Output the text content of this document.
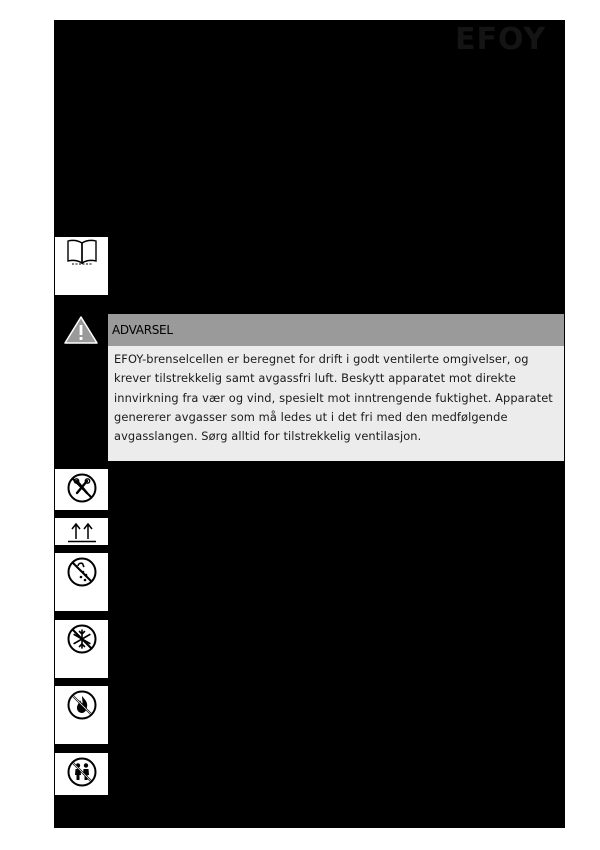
EFOY
ADVARSEL
EFOY-brenselcellen er beregnet for drift i godt ventilerte omgivelser, og krever tilstrekkelig samt avgassfri luft. Beskytt apparatet mot direkte innvirkning fra vær og vind, spesielt mot inntrengende fuktighet. Apparatet genererer avgasser som må ledes ut i det fri med den medfølgende avgasslangen. Sørg alltid for tilstrekkelig ventilasjon.
